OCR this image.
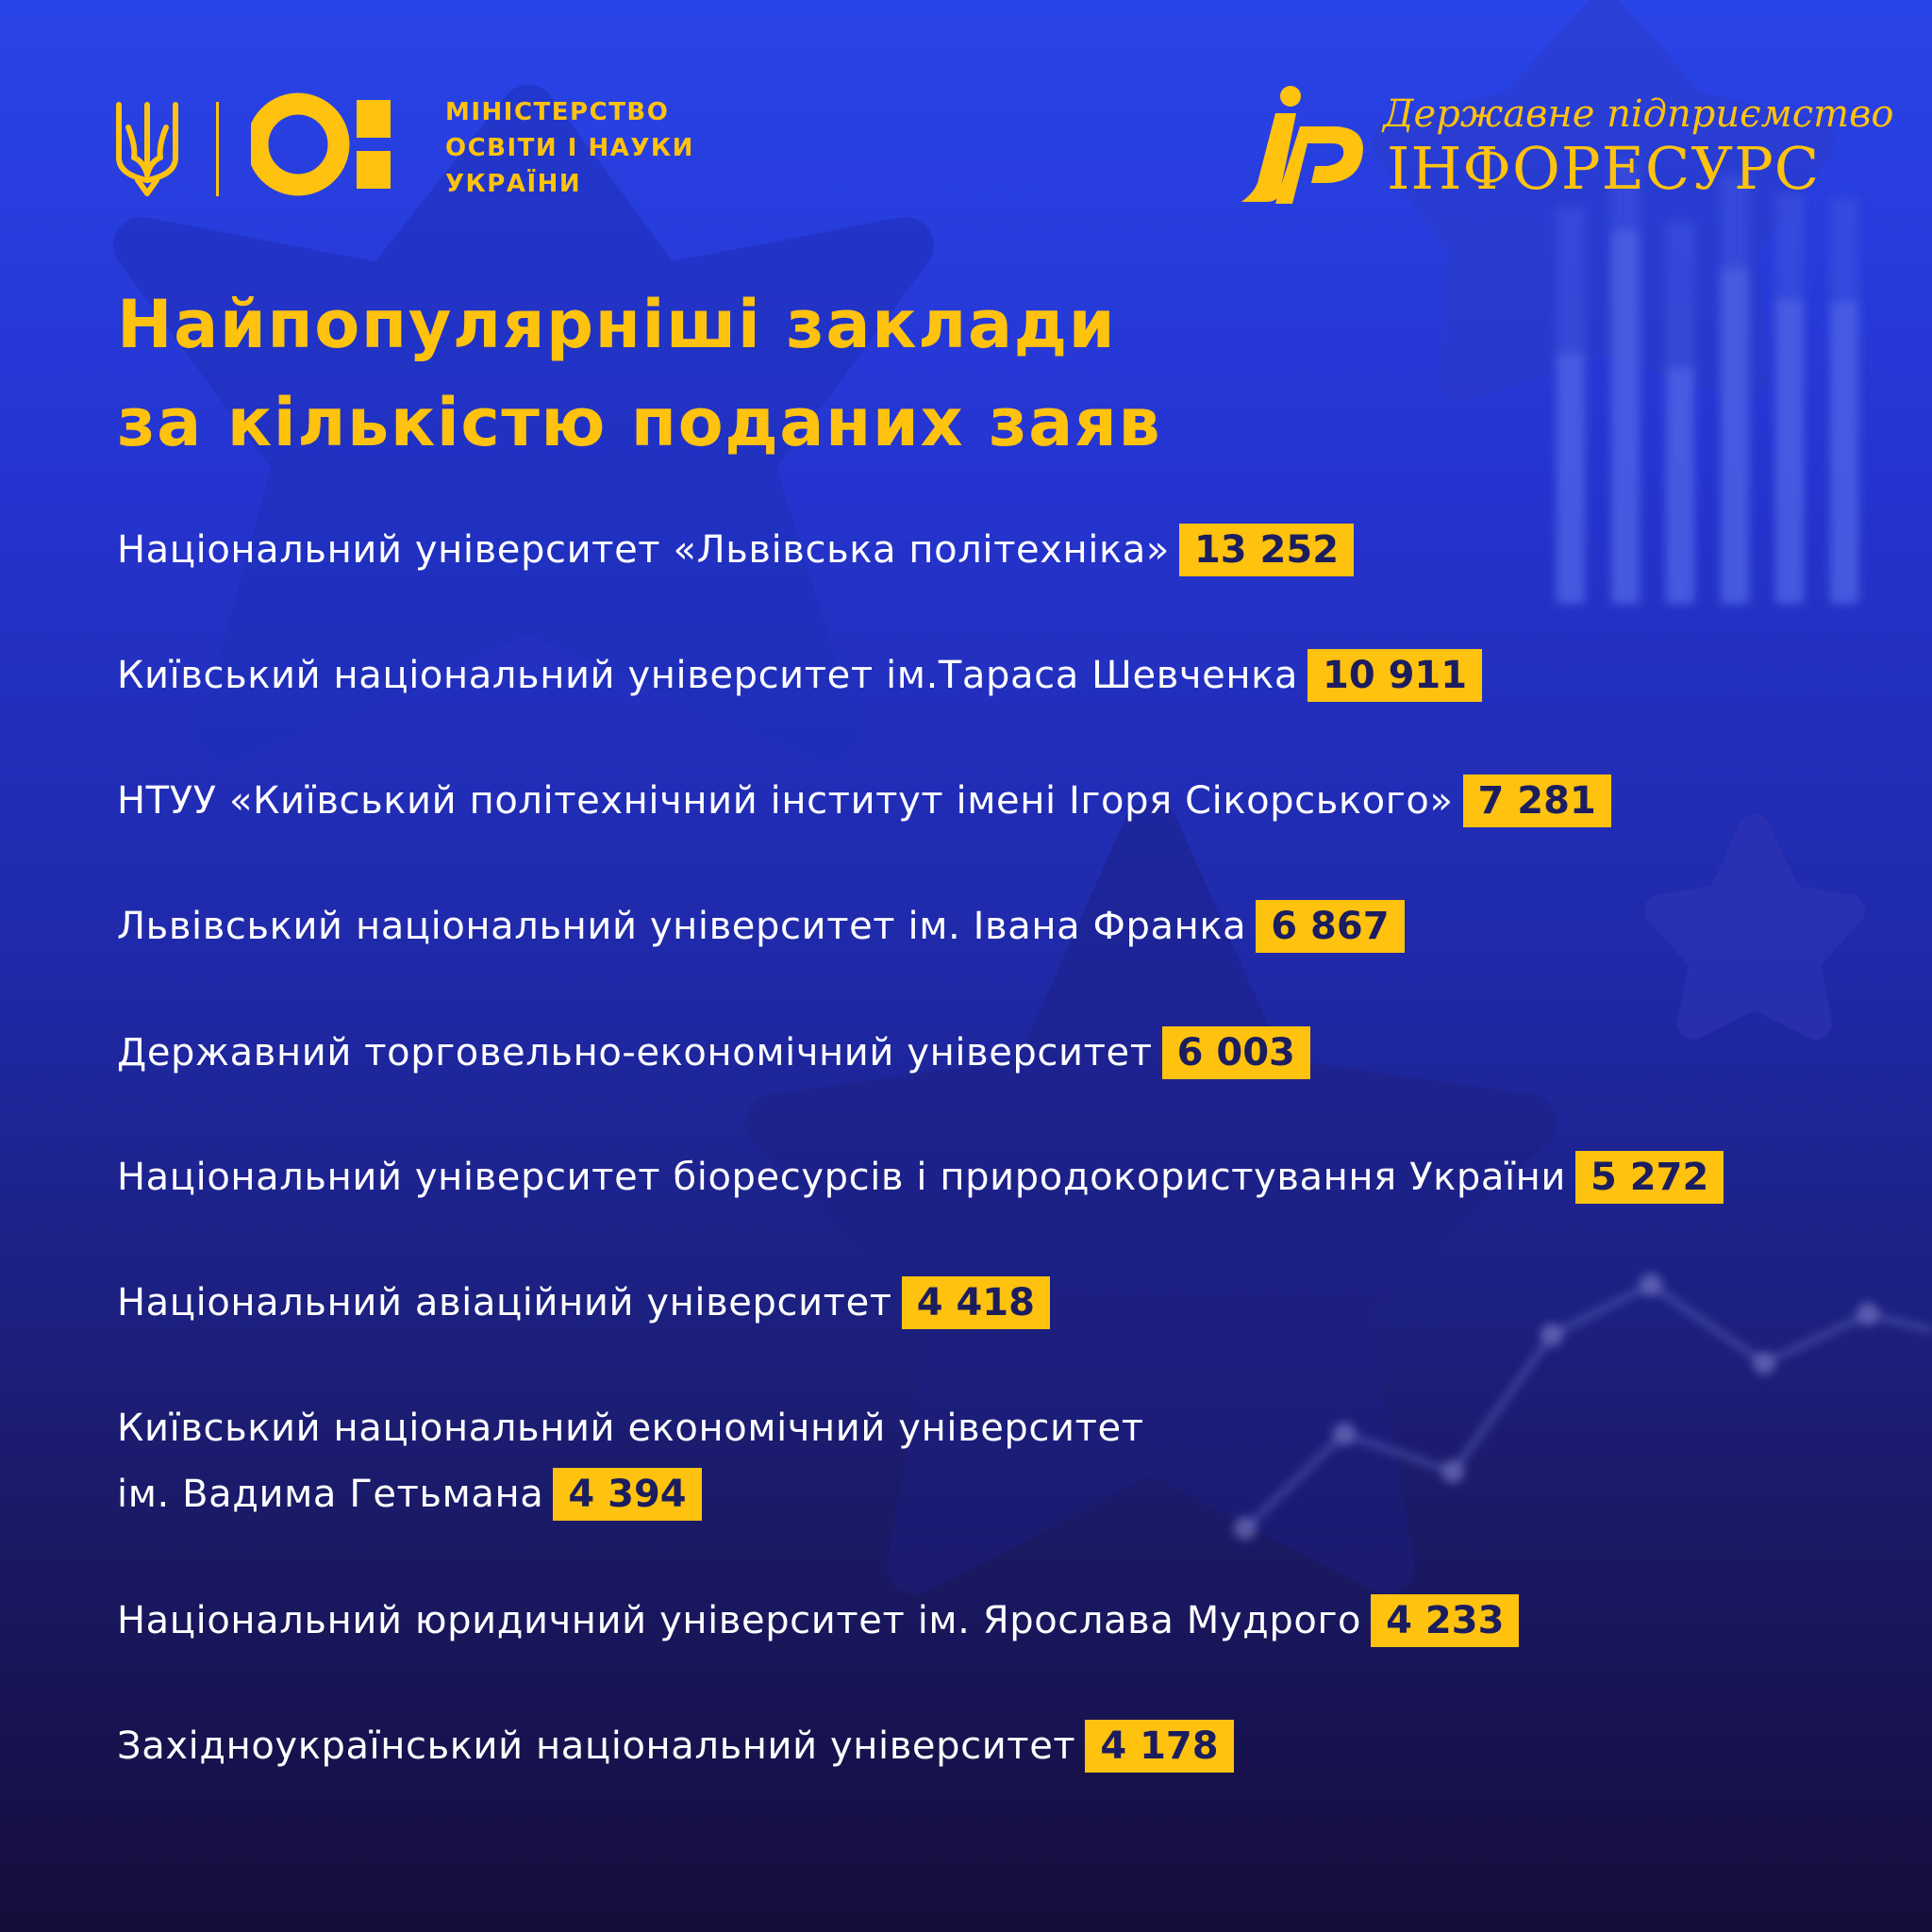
МІНІСТЕРСТВО
ОСВІТИ І НАУКИ
УКРАЇНИ
Державне підприємство
ІНФОРЕСУРС
Найпопулярніші заклади
за кількістю поданих заяв
Національний університет «Львівська політехніка» 13 252
Київський національний університет ім.Тараса Шевченка 10 911
НТУУ «Київський політехнічний інститут імені Ігоря Сікорського» 7 281
Львівський національний університет ім. Івана Франка 6 867
Державний торговельно-економічний університет 6 003
Національний університет біоресурсів і природокористування України 5 272
Національний авіаційний університет 4 418
Київський національний економічний університет
ім. Вадима Гетьмана 4 394
Національний юридичний університет ім. Ярослава Мудрого 4 233
Західноукраїнський національний університет 4 178
